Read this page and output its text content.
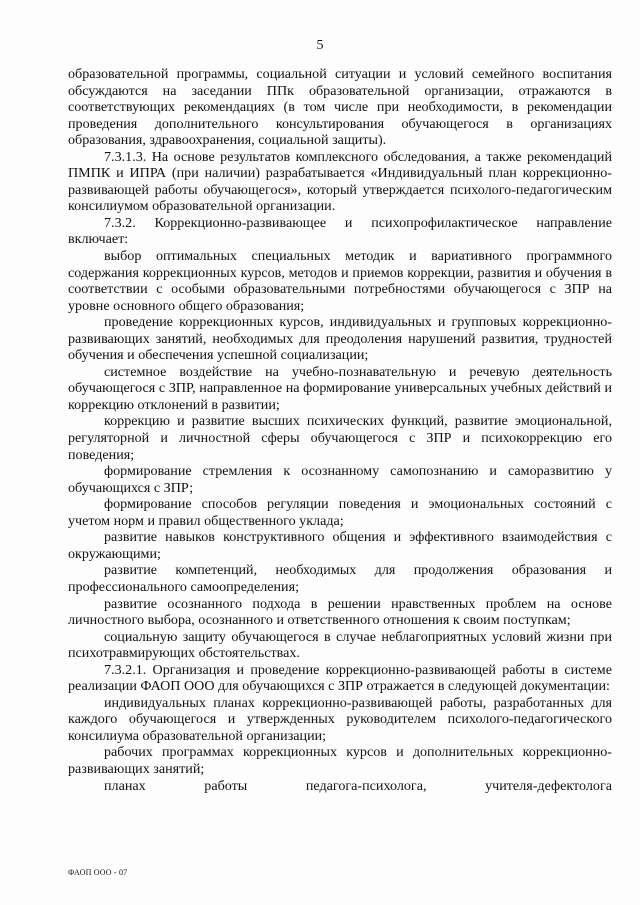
5

образовательной программы, социальной ситуации и условий семейного воспитания обсуждаются на заседании ППк образовательной организации, отражаются в соответствующих рекомендациях (в том числе при необходимости, в рекомендации проведения дополнительного консультирования обучающегося в организациях образования, здравоохранения, социальной защиты).

7.3.1.3. На основе результатов комплексного обследования, а также рекомендаций ПМПК и ИПРА (при наличии) разрабатывается «Индивидуальный план коррекционно-развивающей работы обучающегося», который утверждается психолого-педагогическим консилиумом образовательной организации.

7.3.2. Коррекционно-развивающее и психопрофилактическое направление включает:

выбор оптимальных специальных методик и вариативного программного содержания коррекционных курсов, методов и приемов коррекции, развития и обучения в соответствии с особыми образовательными потребностями обучающегося с ЗПР на уровне основного общего образования;

проведение коррекционных курсов, индивидуальных и групповых коррекционно-развивающих занятий, необходимых для преодоления нарушений развития, трудностей обучения и обеспечения успешной социализации;

системное воздействие на учебно-познавательную и речевую деятельность обучающегося с ЗПР, направленное на формирование универсальных учебных действий и коррекцию отклонений в развитии;

коррекцию и развитие высших психических функций, развитие эмоциональной, регуляторной и личностной сферы обучающегося с ЗПР и психокоррекцию его поведения;

формирование стремления к осознанному самопознанию и саморазвитию у обучающихся с ЗПР;

формирование способов регуляции поведения и эмоциональных состояний с учетом норм и правил общественного уклада;

развитие навыков конструктивного общения и эффективного взаимодействия с окружающими;

развитие компетенций, необходимых для продолжения образования и профессионального самоопределения;

развитие осознанного подхода в решении нравственных проблем на основе личностного выбора, осознанного и ответственного отношения к своим поступкам;

социальную защиту обучающегося в случае неблагоприятных условий жизни при психотравмирующих обстоятельствах.

7.3.2.1. Организация и проведение коррекционно-развивающей работы в системе реализации ФАОП ООО для обучающихся с ЗПР отражается в следующей документации:

индивидуальных планах коррекционно-развивающей работы, разработанных для каждого обучающегося и утвержденных руководителем психолого-педагогического консилиума образовательной организации;

рабочих программах коррекционных курсов и дополнительных коррекционно-развивающих занятий;

планах работы педагога-психолога, учителя-дефектолога

ФАОП ООО - 07
